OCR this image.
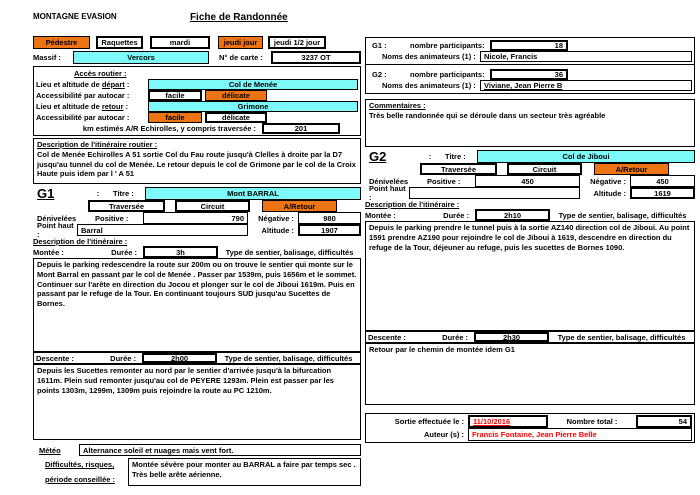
MONTAGNE EVASION	Fiche de Randonnée
Pédestre	Raquettes	mardi	jeudi jour	jeudi 1/2 jour
Massif :	Vercors	N° de carte :	3237 OT
Accès routier :
Lieu et altitude de départ :	Col de Menée
Accessibilité par autocar :	facile	délicate
Lieu et altitude de retour :	Grimone
Accessibilité par autocar :	facile	délicate
km estimés A/R Echirolles, y compris traversée :	201
Description de l'itinéraire routier :
Col de Menée Echirolles A 51 sortie Col du Fau route jusqu'à Clelles à droite par la D7 jusqu'au tunnel du col de Menée. Le retour depuis le col de Grimone par le col de la Croix Haute puis idem par l ' A 51
G1	:	Titre :	Mont BARRAL
Traversée	Circuit	A/Retour
Dénivelées	Positive :	790	Négative :	980
Point haut :	Barral	Altitude :	1907
Description de l'itinéraire :
Montée :	Durée :	3h	Type de sentier, balisage, difficultés
Depuis le parking redescendre la route sur 200m ou on trouve le sentier qui monte sur le Mont Barral en passant par le col de Menée . Passer par 1539m, puis 1656m et le sommet. Continuer sur l'arête en direction du Jocou et plonger sur le col de Jiboui 1619m. Puis en passant par le refuge de la Tour. En continuant toujours SUD jusqu'au Sucettes de Bornes.
Descente :	Durée :	2h00	Type de sentier, balisage, difficultés
Depuis les Sucettes remonter au nord par le sentier d'arrivée jusqu'à la bifurcation 1611m. Plein sud remonter jusqu'au col de PEYERE 1293m. Plein est passer par les points 1303m, 1299m, 1309m puis rejoindre la route au PC 1210m.
Météo	Alternance soleil et nuages mais vent fort.
Difficultés, risques,
période conseillée :
Montée sévère pour monter au BARRAL a faire par temps sec . Très belle arête aérienne.
G1 :	nombre participants:	18
Noms des animateurs (1) :	Nicole, Francis
G2 :	nombre participants:	36
Noms des animateurs (1) :	Viviane, Jean Pierre B
Commentaires :
Très belle randonnée qui se déroule dans un secteur très agréable
G2	:	Titre :	Col de Jiboui
Traversée	Circuit	A/Retour
Dénivelées	Positive :	450	Négative :	450
Point haut :	Altitude :	1619
Description de l'itinéraire :
Montée :	Durée :	2h10	Type de sentier, balisage, difficultés
Depuis le parking prendre le tunnel puis à la sortie AZ140 direction col de Jiboui. Au point 1591 prendre AZ190 pour rejoindre le col de Jiboui à 1619, descendre en direction du refuge de la Tour, déjeuner au refuge, puis les sucettes de Bornes 1090.
Descente :	Durée :	2h30	Type de sentier, balisage, difficultés
Retour par le chemin de montée idem G1
Sortie effectuée le :	11/10/2016	Nombre total :	54
Auteur (s) :	Francis Fontaine, Jean Pierre Belle
